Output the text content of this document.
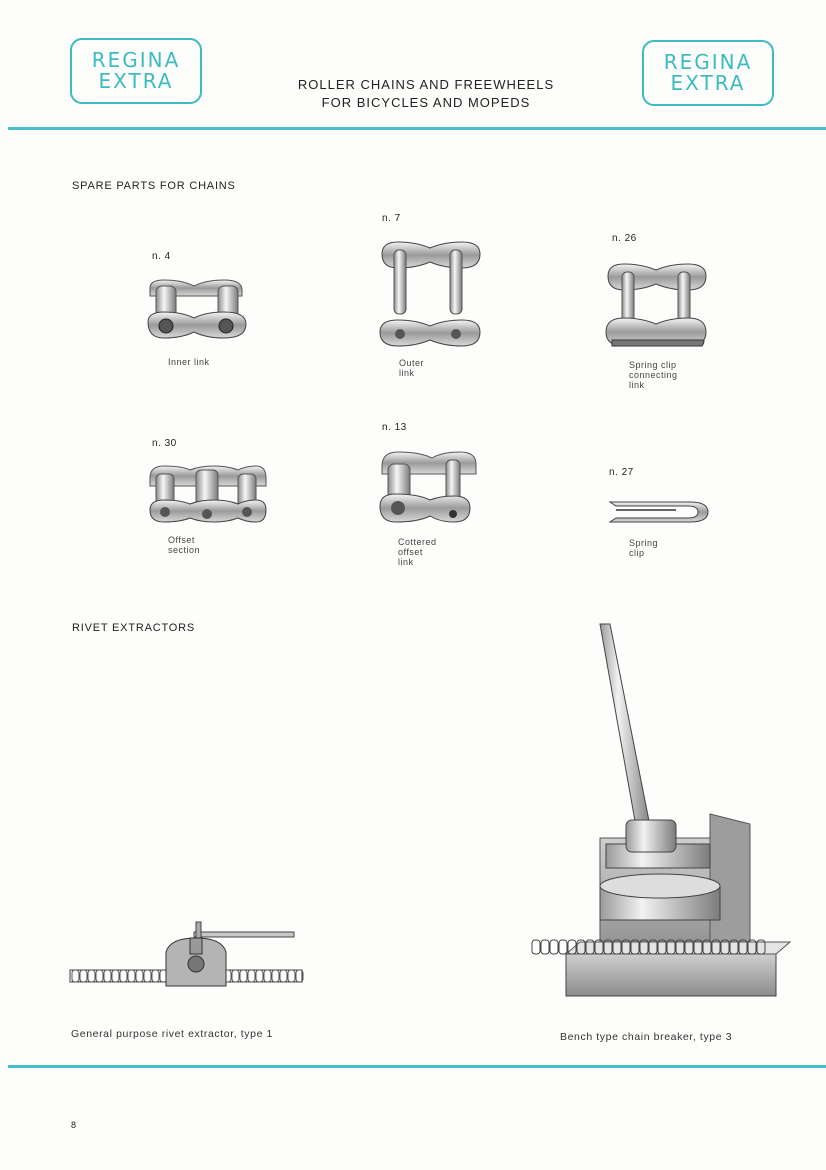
REGINA
EXTRA
REGINA
EXTRA
ROLLER CHAINS AND FREEWHEELS
FOR BICYCLES AND MOPEDS
SPARE PARTS FOR CHAINS
n. 4
Inner link
n. 7
Outer
link
n. 26
Spring clip
connecting
link
n. 30
Offset
section
n. 13
Cottered
offset
link
n. 27
Spring
clip
RIVET EXTRACTORS
General purpose rivet extractor, type 1	Bench type chain breaker, type 3
8
